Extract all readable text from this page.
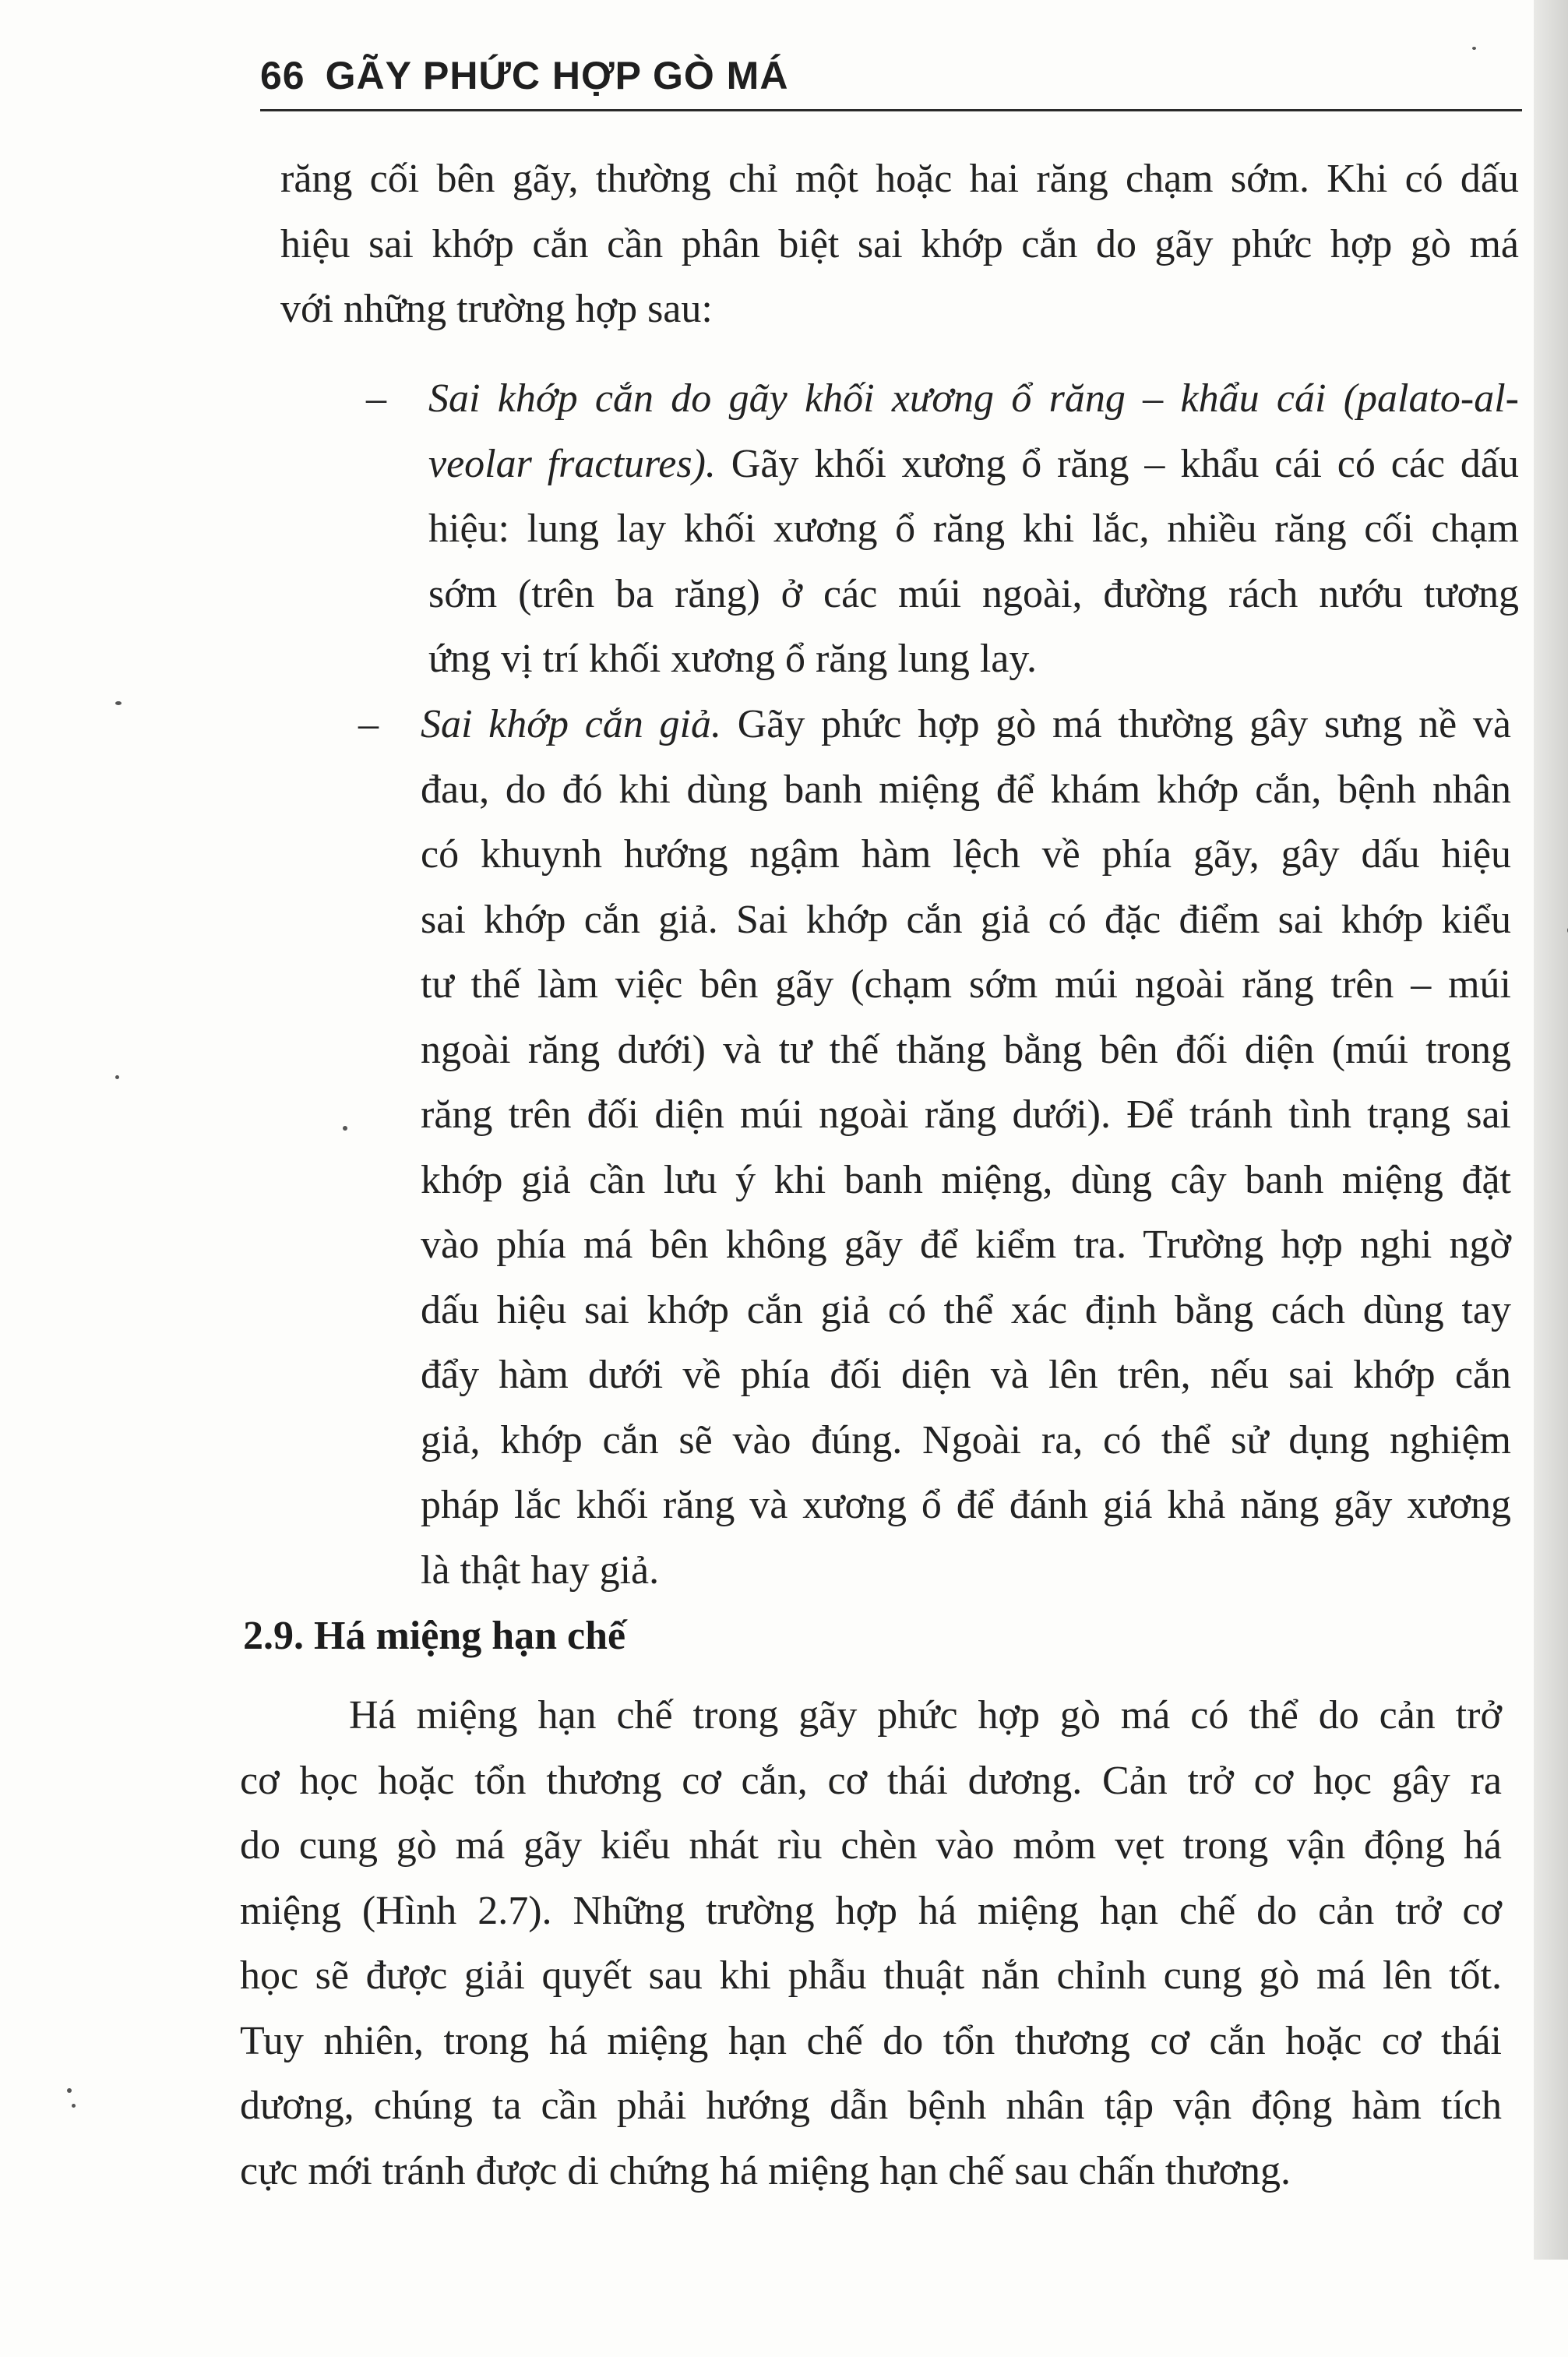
66 GÃY PHỨC HỢP GÒ MÁ
răng cối bên gãy, thường chỉ một hoặc hai răng chạm sớm. Khi có dấu
hiệu sai khớp cắn cần phân biệt sai khớp cắn do gãy phức hợp gò má
với những trường hợp sau:
–	Sai khớp cắn do gãy khối xương ổ răng – khẩu cái (palato-al-
veolar fractures). Gãy khối xương ổ răng – khẩu cái có các dấu
hiệu: lung lay khối xương ổ răng khi lắc, nhiều răng cối chạm
sớm (trên ba răng) ở các múi ngoài, đường rách nướu tương
ứng vị trí khối xương ổ răng lung lay.
–	Sai khớp cắn giả. Gãy phức hợp gò má thường gây sưng nề và
đau, do đó khi dùng banh miệng để khám khớp cắn, bệnh nhân
có khuynh hướng ngậm hàm lệch về phía gãy, gây dấu hiệu
sai khớp cắn giả. Sai khớp cắn giả có đặc điểm sai khớp kiểu
tư thế làm việc bên gãy (chạm sớm múi ngoài răng trên – múi
ngoài răng dưới) và tư thế thăng bằng bên đối diện (múi trong
răng trên đối diện múi ngoài răng dưới). Để tránh tình trạng sai
khớp giả cần lưu ý khi banh miệng, dùng cây banh miệng đặt
vào phía má bên không gãy để kiểm tra. Trường hợp nghi ngờ
dấu hiệu sai khớp cắn giả có thể xác định bằng cách dùng tay
đẩy hàm dưới về phía đối diện và lên trên, nếu sai khớp cắn
giả, khớp cắn sẽ vào đúng. Ngoài ra, có thể sử dụng nghiệm
pháp lắc khối răng và xương ổ để đánh giá khả năng gãy xương
là thật hay giả.
2.9. Há miệng hạn chế
Há miệng hạn chế trong gãy phức hợp gò má có thể do cản trở
cơ học hoặc tổn thương cơ cắn, cơ thái dương. Cản trở cơ học gây ra
do cung gò má gãy kiểu nhát rìu chèn vào mỏm vẹt trong vận động há
miệng (Hình 2.7). Những trường hợp há miệng hạn chế do cản trở cơ
học sẽ được giải quyết sau khi phẫu thuật nắn chỉnh cung gò má lên tốt.
Tuy nhiên, trong há miệng hạn chế do tổn thương cơ cắn hoặc cơ thái
dương, chúng ta cần phải hướng dẫn bệnh nhân tập vận động hàm tích
cực mới tránh được di chứng há miệng hạn chế sau chấn thương.
